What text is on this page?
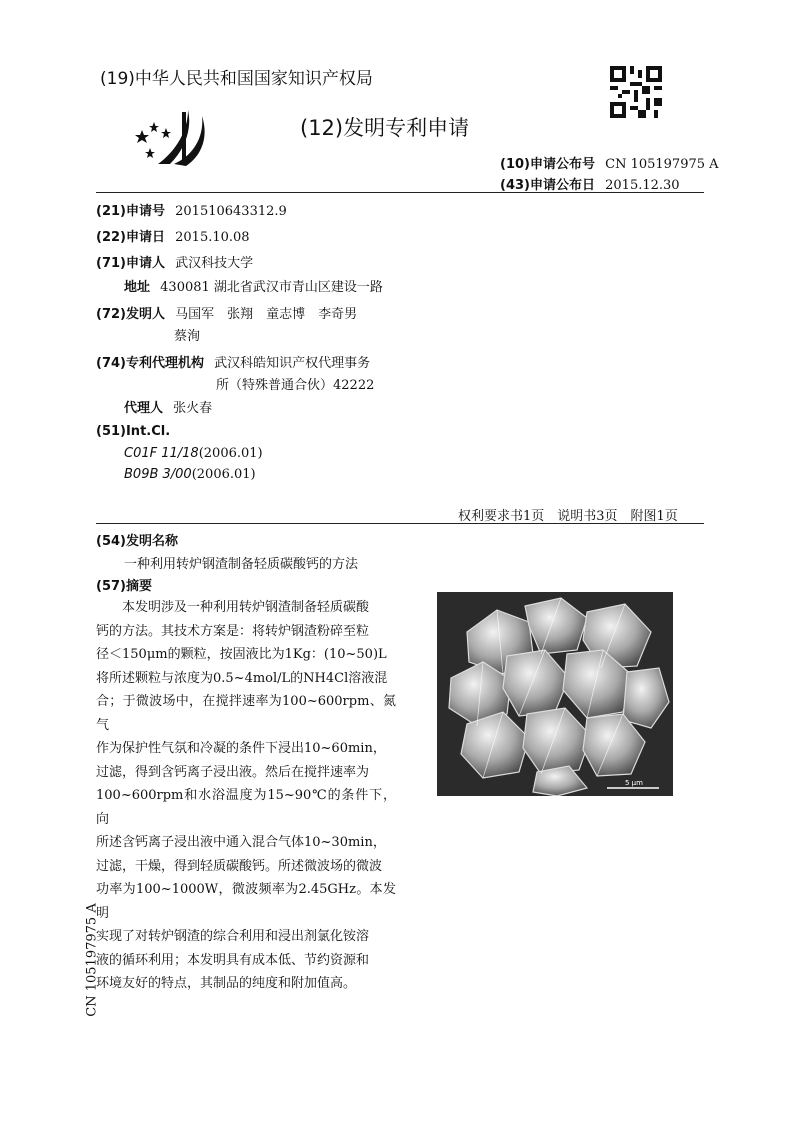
(19)中华人民共和国国家知识产权局
(12)发明专利申请
(10)申请公布号 CN 105197975 A
(43)申请公布日 2015.12.30
(21)申请号 201510643312.9
(22)申请日 2015.10.08
(71)申请人 武汉科技大学
地址 430081 湖北省武汉市青山区建设一路
(72)发明人 马国军　张翔　童志博　李奇男
蔡洵
(74)专利代理机构 武汉科皓知识产权代理事务
所（特殊普通合伙）42222
代理人 张火春
(51)Int.Cl.
C01F 11/18(2006.01)
B09B 3/00(2006.01)
权利要求书1页　说明书3页　附图1页
(54)发明名称
一种利用转炉钢渣制备轻质碳酸钙的方法
(57)摘要

本发明涉及一种利用转炉钢渣制备轻质碳酸

钙的方法。其技术方案是：将转炉钢渣粉碎至粒

径＜150μm的颗粒，按固液比为1Kg：(10~50)L

将所述颗粒与浓度为0.5~4mol/L的NH4Cl溶液混

合；于微波场中，在搅拌速率为100~600rpm、氮气

作为保护性气氛和冷凝的条件下浸出10~60min，

过滤，得到含钙离子浸出液。然后在搅拌速率为

100~600rpm和水浴温度为15~90℃的条件下，向

所述含钙离子浸出液中通入混合气体10~30min，

过滤，干燥，得到轻质碳酸钙。所述微波场的微波

功率为100~1000W，微波频率为2.45GHz。本发明

实现了对转炉钢渣的综合利用和浸出剂氯化铵溶

液的循环利用；本发明具有成本低、节约资源和

环境友好的特点，其制品的纯度和附加值高。

5 μm
CN 105197975 A
